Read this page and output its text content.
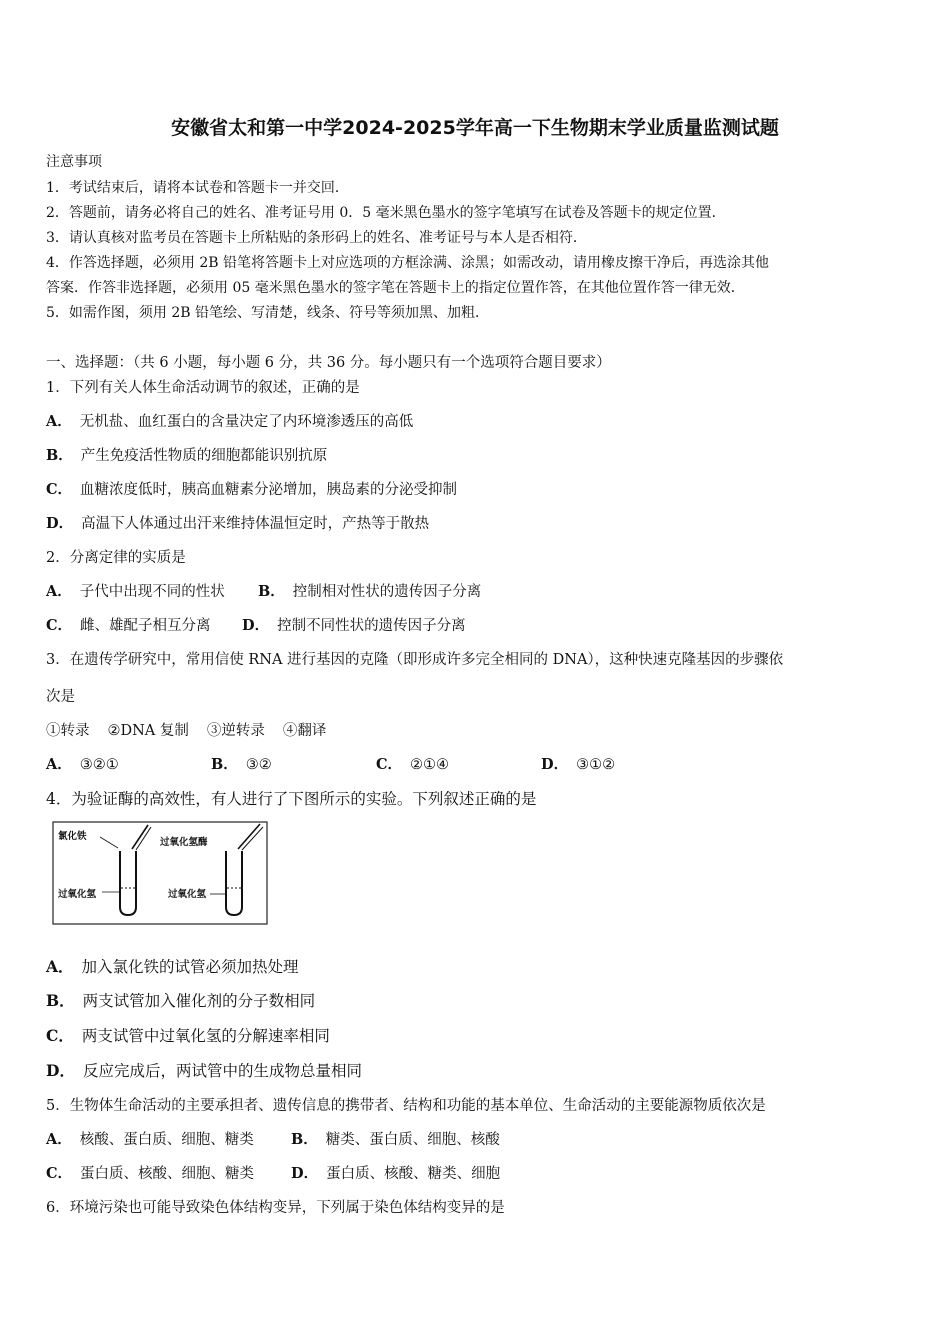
安徽省太和第一中学2024-2025学年高一下生物期末学业质量监测试题
注意事项
1．考试结束后，请将本试卷和答题卡一并交回．
2．答题前，请务必将自己的姓名、准考证号用 0．5 毫米黑色墨水的签字笔填写在试卷及答题卡的规定位置．
3．请认真核对监考员在答题卡上所粘贴的条形码上的姓名、准考证号与本人是否相符．
4．作答选择题，必须用 2B 铅笔将答题卡上对应选项的方框涂满、涂黑；如需改动，请用橡皮擦干净后，再选涂其他
答案．作答非选择题，必须用 05 毫米黑色墨水的签字笔在答题卡上的指定位置作答，在其他位置作答一律无效．
5．如需作图，须用 2B 铅笔绘、写清楚，线条、符号等须加黑、加粗．
一、选择题：（共 6 小题，每小题 6 分，共 36 分。每小题只有一个选项符合题目要求）
1．下列有关人体生命活动调节的叙述，正确的是
A． 无机盐、血红蛋白的含量决定了内环境渗透压的高低
B． 产生免疫活性物质的细胞都能识别抗原
C． 血糖浓度低时，胰高血糖素分泌增加，胰岛素的分泌受抑制
D． 高温下人体通过出汗来维持体温恒定时，产热等于散热
2．分离定律的实质是
A． 子代中出现不同的性状 B． 控制相对性状的遗传因子分离
C． 雌、雄配子相互分离 D． 控制不同性状的遗传因子分离
3．在遗传学研究中，常用信使 RNA 进行基因的克隆（即形成许多完全相同的 DNA），这种快速克隆基因的步骤依
次是
①转录 ②DNA 复制 ③逆转录 ④翻译
A． ③②①	B． ③②	C． ②①④	D． ③①②
4．为验证酶的高效性，有人进行了下图所示的实验。下列叙述正确的是
氯化铁
过氧化氢酶
过氧化氢	过氧化氢
A． 加入氯化铁的试管必须加热处理
B． 两支试管加入催化剂的分子数相同
C． 两支试管中过氧化氢的分解速率相同
D． 反应完成后，两试管中的生成物总量相同
5．生物体生命活动的主要承担者、遗传信息的携带者、结构和功能的基本单位、生命活动的主要能源物质依次是
A． 核酸、蛋白质、细胞、糖类	B． 糖类、蛋白质、细胞、核酸
C． 蛋白质、核酸、细胞、糖类	D． 蛋白质、核酸、糖类、细胞
6．环境污染也可能导致染色体结构变异，下列属于染色体结构变异的是
